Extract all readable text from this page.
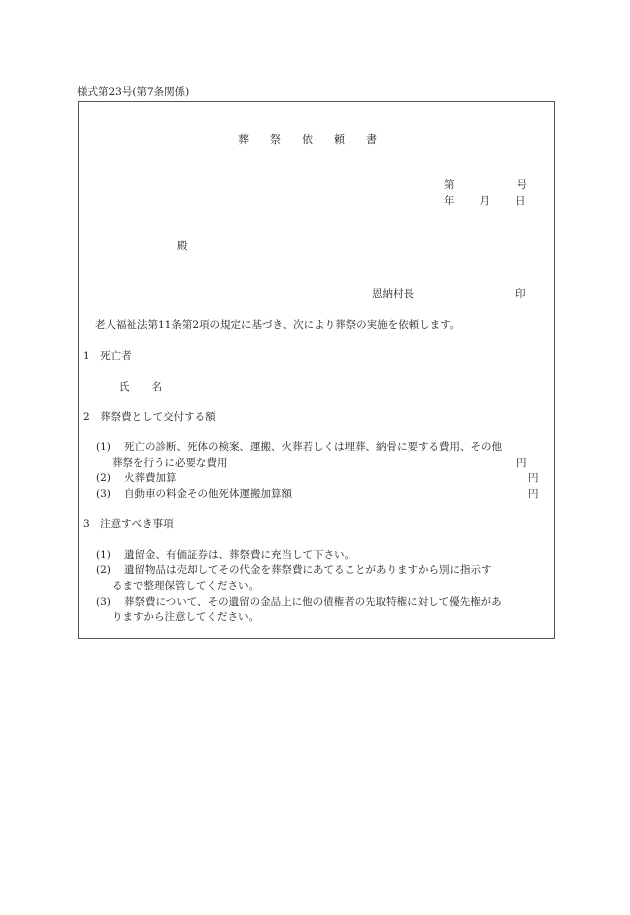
様式第23号(第7条関係)
葬 祭 依 頼 書
第	号
年 月 日
殿
恩納村長	印
老人福祉法第11条第2項の規定に基づき、次により葬祭の実施を依頼します。
1　死亡者
氏 名
2　葬祭費として交付する額
(1) 死亡の診断、死体の検案、運搬、火葬若しくは埋葬、納骨に要する費用、その他
葬祭を行うに必要な費用	円
(2) 火葬費加算	円
(3) 自動車の料金その他死体運搬加算額	円
3　注意すべき事項
(1) 遺留金、有価証券は、葬祭費に充当して下さい。
(2) 遺留物品は売却してその代金を葬祭費にあてることがありますから別に指示す
るまで整理保管してください。
(3) 葬祭費について、その遺留の金品上に他の債権者の先取特権に対して優先権があ
りますから注意してください。
